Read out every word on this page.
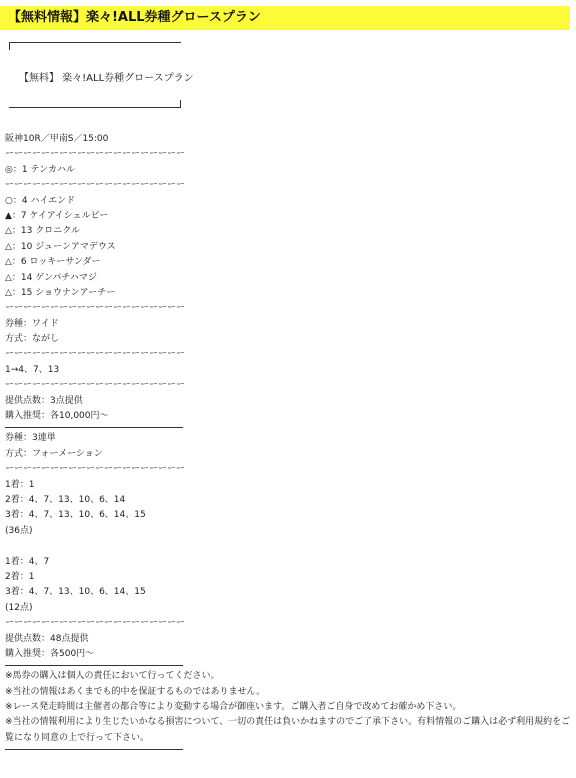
【無料情報】楽々!ALL券種グロースプラン
【無料】 楽々!ALL券種グロースプラン
阪神10R／甲南S／15:00
ーーーーーーーーーーーーーーーーーーーー
◎：1 テンカハル
ーーーーーーーーーーーーーーーーーーーー
○：4 ハイエンド
▲：7 ケイアイシェルビー
△：13 クロニクル
△：10 ジューンアマデウス
△：6 ロッキーサンダー
△：14 ゲンパチハマジ
△：15 ショウナンアーチー
ーーーーーーーーーーーーーーーーーーーー
券種：ワイド
方式：ながし
ーーーーーーーーーーーーーーーーーーーー
1→4、7、13
ーーーーーーーーーーーーーーーーーーーー
提供点数：3点提供
購入推奨：各10,000円～
券種：3連単
方式：フォーメーション
ーーーーーーーーーーーーーーーーーーーー
1着：1
2着：4、7、13、10、6、14
3着：4、7、13、10、6、14、15
(36点)
1着：4、7
2着：1
3着：4、7、13、10、6、14、15
(12点)
ーーーーーーーーーーーーーーーーーーーー
提供点数：48点提供
購入推奨：各500円～
※馬券の購入は個人の責任において行ってください。
※当社の情報はあくまでも的中を保証するものではありません。
※レース発走時間は主催者の都合等により変動する場合が御座います。ご購入者ご自身で改めてお確かめ下さい。
※当社の情報利用により生じたいかなる損害について、一切の責任は負いかねますのでご了承下さい。有料情報のご購入は必ず利用規約をご覧になり同意の上で行って下さい。
